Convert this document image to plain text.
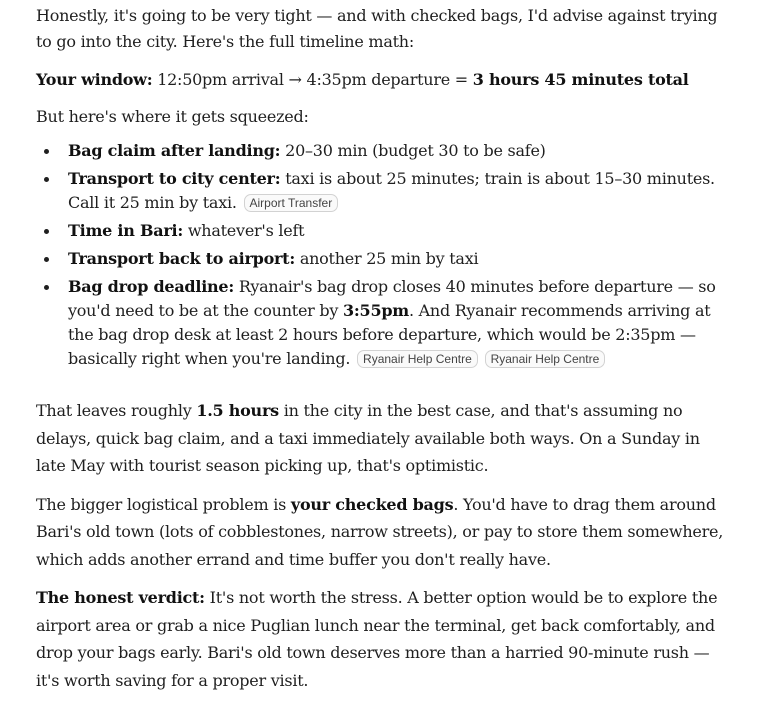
Honestly, it's going to be very tight — and with checked bags, I'd advise against trying to go into the city. Here's the full timeline math:

Your window: 12:50pm arrival → 4:35pm departure = 3 hours 45 minutes total

But here's where it gets squeezed:

Bag claim after landing: 20–30 min (budget 30 to be safe)
Transport to city center: taxi is about 25 minutes; train is about 15–30 minutes. Call it 25 min by taxi. Airport Transfer
Time in Bari: whatever's left
Transport back to airport: another 25 min by taxi
Bag drop deadline: Ryanair's bag drop closes 40 minutes before departure — so you'd need to be at the counter by 3:55pm. And Ryanair recommends arriving at the bag drop desk at least 2 hours before departure, which would be 2:35pm — basically right when you're landing. Ryanair Help Centre Ryanair Help Centre

That leaves roughly 1.5 hours in the city in the best case, and that's assuming no delays, quick bag claim, and a taxi immediately available both ways. On a Sunday in late May with tourist season picking up, that's optimistic.

The bigger logistical problem is your checked bags. You'd have to drag them around Bari's old town (lots of cobblestones, narrow streets), or pay to store them somewhere, which adds another errand and time buffer you don't really have.

The honest verdict: It's not worth the stress. A better option would be to explore the airport area or grab a nice Puglian lunch near the terminal, get back comfortably, and drop your bags early. Bari's old town deserves more than a harried 90-minute rush — it's worth saving for a proper visit.
